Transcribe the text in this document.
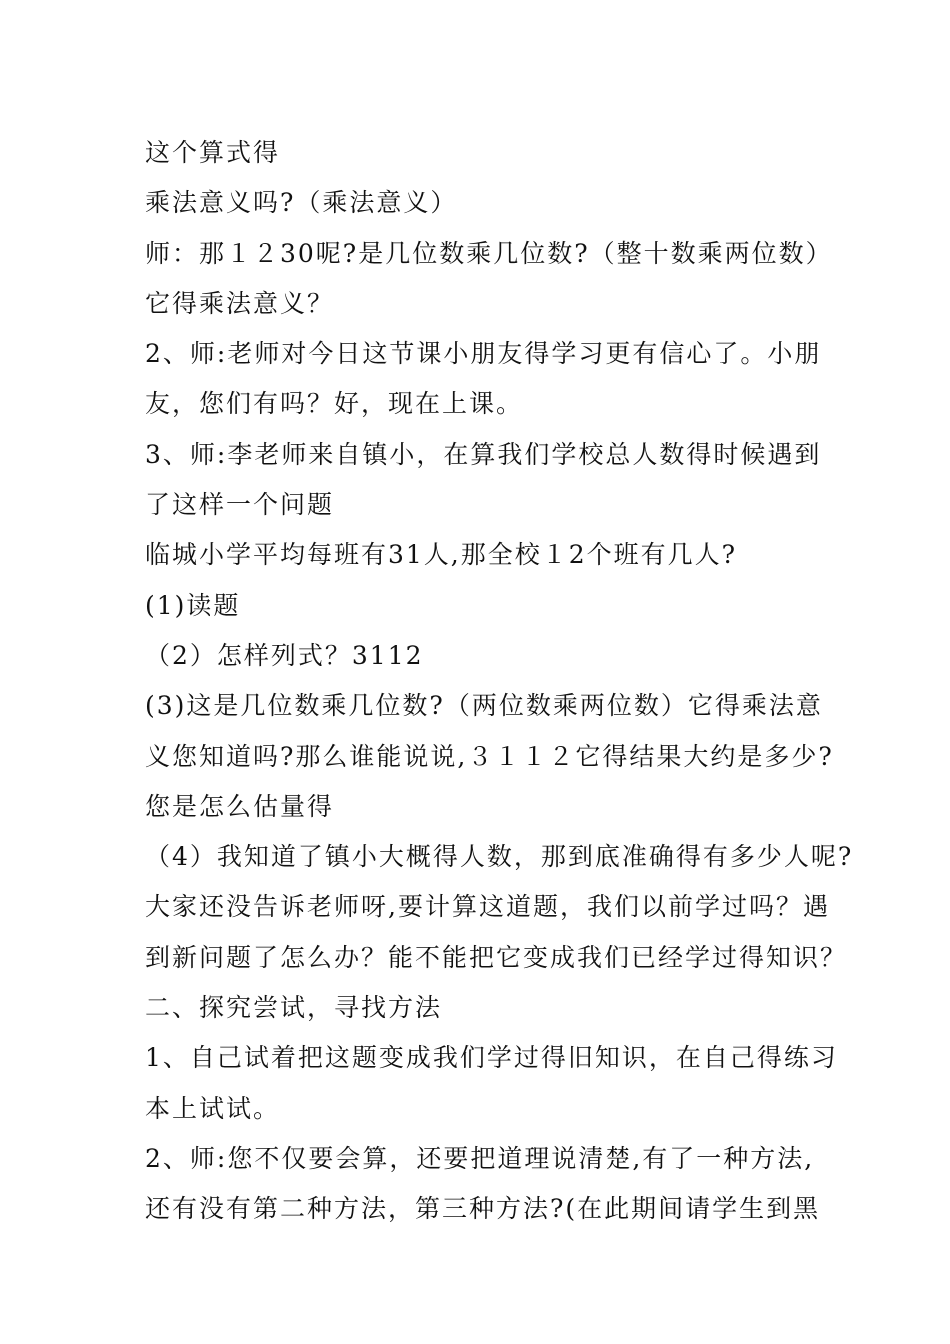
这个算式得
乘法意义吗?（乘法意义）
师：那１２30呢?是几位数乘几位数?（整十数乘两位数）
它得乘法意义？
2、师:老师对今日这节课小朋友得学习更有信心了。小朋
友，您们有吗？好，现在上课。
3、师:李老师来自镇小，在算我们学校总人数得时候遇到
了这样一个问题
临城小学平均每班有31人,那全校１2个班有几人?
(1)读题
（2）怎样列式？3112
(3)这是几位数乘几位数?（两位数乘两位数）它得乘法意
义您知道吗?那么谁能说说,３１１２它得结果大约是多少?
您是怎么估量得
（4）我知道了镇小大概得人数，那到底准确得有多少人呢?
大家还没告诉老师呀,要计算这道题，我们以前学过吗？遇
到新问题了怎么办？能不能把它变成我们已经学过得知识？
二、探究尝试，寻找方法
1、自己试着把这题变成我们学过得旧知识，在自己得练习
本上试试。
2、师:您不仅要会算，还要把道理说清楚,有了一种方法,
还有没有第二种方法，第三种方法?(在此期间请学生到黑
